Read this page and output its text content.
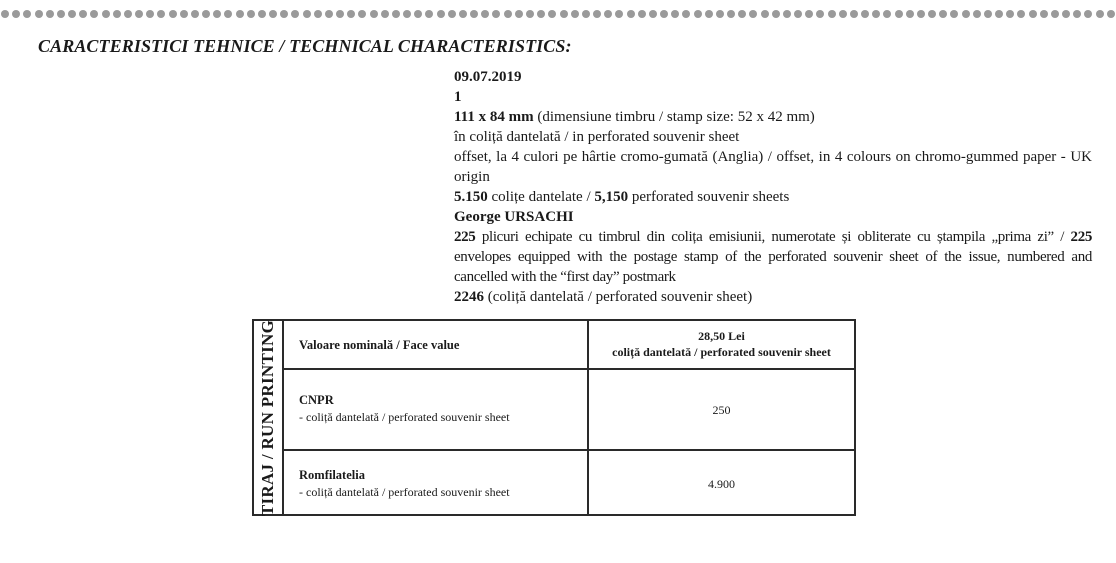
CARACTERISTICI TEHNICE / TECHNICAL CHARACTERISTICS:
09.07.2019
1
111 x 84 mm (dimensiune timbru / stamp size: 52 x 42 mm)
în coliță dantelată / in perforated souvenir sheet
offset, la 4 culori pe hârtie cromo-gumată (Anglia) / offset, in 4 colours on chromo-gummed paper - UK origin
5.150 colițe dantelate / 5,150 perforated souvenir sheets
George URSACHI
225 plicuri echipate cu timbrul din colița emisiunii, numerotate și obliterate cu ștampila „prima zi” / 225 envelopes equipped with the postage stamp of the perforated souvenir sheet of the issue, numbered and cancelled with the “first day” postmark
2246 (coliță dantelată / perforated souvenir sheet)
TIRAJ / RUN PRINTING Valoare nominală / Face value
28,50 Lei
coliță dantelată / perforated souvenir sheet
CNPR
- coliță dantelată / perforated souvenir sheet	250
Romfilatelia
- coliță dantelată / perforated souvenir sheet
4.900
